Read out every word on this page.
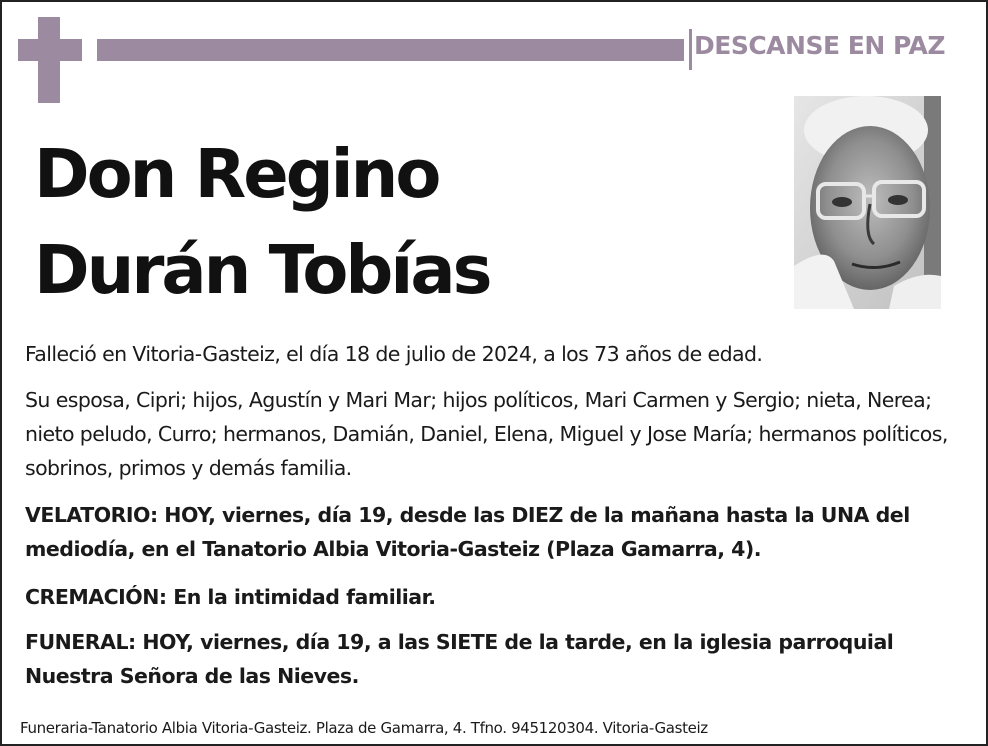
DESCANSE EN PAZ
Don Regino
Durán Tobías
Falleció en Vitoria-Gasteiz, el día 18 de julio de 2024, a los 73 años de edad.
Su esposa, Cipri; hijos, Agustín y Mari Mar; hijos políticos, Mari Carmen y Sergio; nieta, Nerea; nieto peludo, Curro; hermanos, Damián, Daniel, Elena, Miguel y Jose María; hermanos políticos, sobrinos, primos y demás familia.
VELATORIO: HOY, viernes, día 19, desde las DIEZ de la mañana hasta la UNA del mediodía, en el Tanatorio Albia Vitoria-Gasteiz (Plaza Gamarra, 4).
CREMACIÓN: En la intimidad familiar.
FUNERAL: HOY, viernes, día 19, a las SIETE de la tarde, en la iglesia parroquial Nuestra Señora de las Nieves.
Funeraria-Tanatorio Albia Vitoria-Gasteiz. Plaza de Gamarra, 4. Tfno. 945120304. Vitoria-Gasteiz
